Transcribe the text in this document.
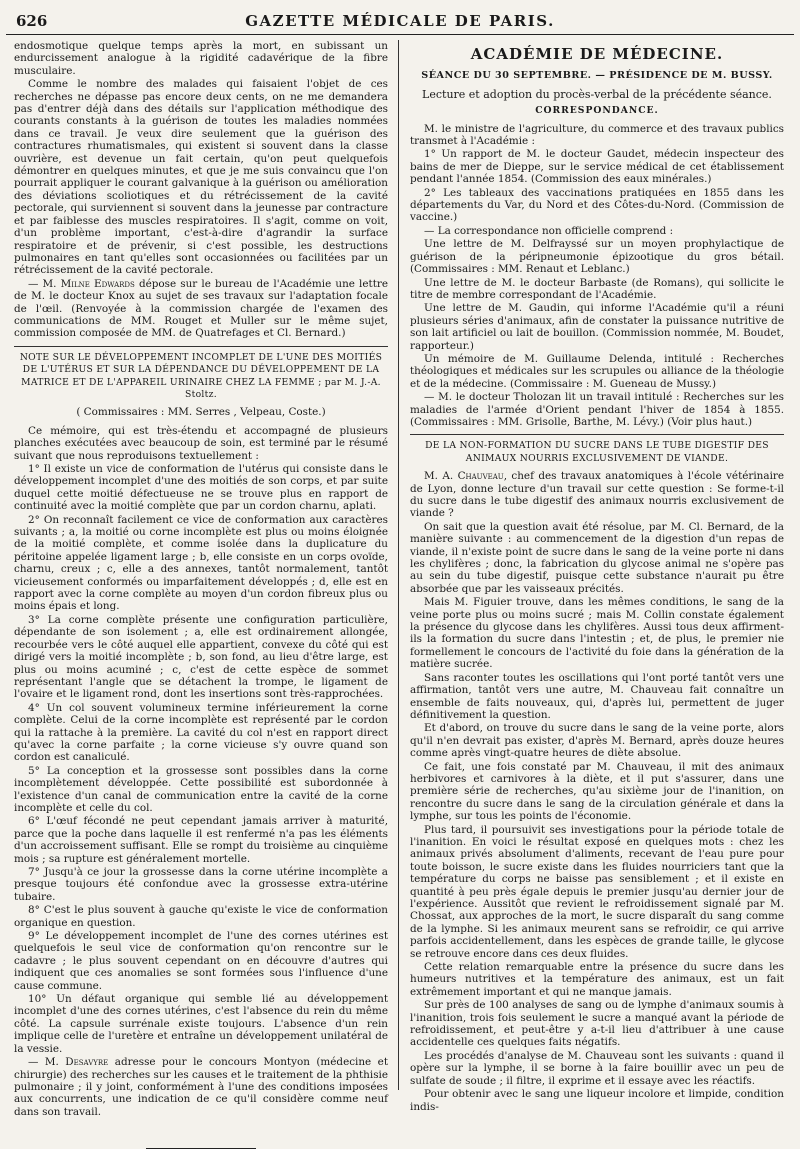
626	GAZETTE MÉDICALE DE PARIS.

endosmotique quelque temps après la mort, en subissant un endurcissement analogue à la rigidité cadavérique de la fibre musculaire.

Comme le nombre des malades qui faisaient l'objet de ces recherches ne dépasse pas encore deux cents, on ne me demandera pas d'entrer déjà dans des détails sur l'application méthodique des courants constants à la guérison de toutes les maladies nommées dans ce travail. Je veux dire seulement que la guérison des contractures rhumatismales, qui existent si souvent dans la classe ouvrière, est devenue un fait certain, qu'on peut quelquefois démontrer en quelques minutes, et que je me suis convaincu que l'on pourrait appliquer le courant galvanique à la guérison ou amélioration des déviations scoliotiques et du rétrécissement de la cavité pectorale, qui surviennent si souvent dans la jeunesse par contracture et par faiblesse des muscles respiratoires. Il s'agit, comme on voit, d'un problème important, c'est-à-dire d'agrandir la surface respiratoire et de prévenir, si c'est possible, les destructions pulmonaires en tant qu'elles sont occasionnées ou facilitées par un rétrécissement de la cavité pectorale.

— M. Milne Edwards dépose sur le bureau de l'Académie une lettre de M. le docteur Knox au sujet de ses travaux sur l'adaptation focale de l'œil. (Renvoyée à la commission chargée de l'examen des communications de MM. Rouget et Muller sur le même sujet, commission composée de MM. de Quatrefages et Cl. Bernard.)

NOTE SUR LE DÉVELOPPEMENT INCOMPLET DE L'UNE DES MOITIÉS DE L'UTÉRUS ET SUR LA DÉPENDANCE DU DÉVELOPPEMENT DE LA MATRICE ET DE L'APPAREIL URINAIRE CHEZ LA FEMME ; par M. J.-A. Stoltz.

( Commissaires : MM. Serres , Velpeau, Coste.)

Ce mémoire, qui est très-étendu et accompagné de plusieurs planches exécutées avec beaucoup de soin, est terminé par le résumé suivant que nous reproduisons textuellement :

1° Il existe un vice de conformation de l'utérus qui consiste dans le développement incomplet d'une des moitiés de son corps, et par suite duquel cette moitié défectueuse ne se trouve plus en rapport de continuité avec la moitié complète que par un cordon charnu, aplati.

2° On reconnaît facilement ce vice de conformation aux caractères suivants ; a, la moitié ou corne incomplète est plus ou moins éloignée de la moitié complète, et comme isolée dans la duplicature du péritoine appelée ligament large ; b, elle consiste en un corps ovoïde, charnu, creux ; c, elle a des annexes, tantôt normalement, tantôt vicieusement conformés ou imparfaitement développés ; d, elle est en rapport avec la corne complète au moyen d'un cordon fibreux plus ou moins épais et long.

3° La corne complète présente une configuration particulière, dépendante de son isolement ; a, elle est ordinairement allongée, recourbée vers le côté auquel elle appartient, convexe du côté qui est dirigé vers la moitié incomplète ; b, son fond, au lieu d'être large, est plus ou moins acuminé ; c, c'est de cette espèce de sommet représentant l'angle que se détachent la trompe, le ligament de l'ovaire et le ligament rond, dont les insertions sont très-rapprochées.

4° Un col souvent volumineux termine inférieurement la corne complète. Celui de la corne incomplète est représenté par le cordon qui la rattache à la première. La cavité du col n'est en rapport direct qu'avec la corne parfaite ; la corne vicieuse s'y ouvre quand son cordon est canaliculé.

5° La conception et la grossesse sont possibles dans la corne incomplètement développée. Cette possibilité est subordonnée à l'existence d'un canal de communication entre la cavité de la corne incomplète et celle du col.

6° L'œuf fécondé ne peut cependant jamais arriver à maturité, parce que la poche dans laquelle il est renfermé n'a pas les éléments d'un accroissement suffisant. Elle se rompt du troisième au cinquième mois ; sa rupture est généralement mortelle.

7° Jusqu'à ce jour la grossesse dans la corne utérine incomplète a presque toujours été confondue avec la grossesse extra-utérine tubaire.

8° C'est le plus souvent à gauche qu'existe le vice de conformation organique en question.

9° Le développement incomplet de l'une des cornes utérines est quelquefois le seul vice de conformation qu'on rencontre sur le cadavre ; le plus souvent cependant on en découvre d'autres qui indiquent que ces anomalies se sont formées sous l'influence d'une cause commune.

10° Un défaut organique qui semble lié au développement incomplet d'une des cornes utérines, c'est l'absence du rein du même côté. La capsule surrénale existe toujours. L'absence d'un rein implique celle de l'uretère et entraîne un développement unilatéral de la vessie.

— M. Desavyre adresse pour le concours Montyon (médecine et chirurgie) des recherches sur les causes et le traitement de la phthisie pulmonaire ; il y joint, conformément à l'une des conditions imposées aux concurrents, une indication de ce qu'il considère comme neuf dans son travail.

ACADÉMIE DE MÉDECINE.
SÉANCE DU 30 SEPTEMBRE. — PRÉSIDENCE DE M. BUSSY.
Lecture et adoption du procès-verbal de la précédente séance.
CORRESPONDANCE.

M. le ministre de l'agriculture, du commerce et des travaux publics transmet à l'Académie :

1° Un rapport de M. le docteur Gaudet, médecin inspecteur des bains de mer de Dieppe, sur le service médical de cet établissement pendant l'année 1854. (Commission des eaux minérales.)

2° Les tableaux des vaccinations pratiquées en 1855 dans les départements du Var, du Nord et des Côtes-du-Nord. (Commission de vaccine.)

— La correspondance non officielle comprend :

Une lettre de M. Delfrayssé sur un moyen prophylactique de guérison de la péripneumonie épizootique du gros bétail. (Commissaires : MM. Renaut et Leblanc.)

Une lettre de M. le docteur Barbaste (de Romans), qui sollicite le titre de membre correspondant de l'Académie.

Une lettre de M. Gaudin, qui informe l'Académie qu'il a réuni plusieurs séries d'animaux, afin de constater la puissance nutritive de son lait artificiel ou lait de bouillon. (Commission nommée, M. Boudet, rapporteur.)

Un mémoire de M. Guillaume Delenda, intitulé : Recherches théologiques et médicales sur les scrupules ou alliance de la théologie et de la médecine. (Commissaire : M. Gueneau de Mussy.)

— M. le docteur Tholozan lit un travail intitulé : Recherches sur les maladies de l'armée d'Orient pendant l'hiver de 1854 à 1855. (Commissaires : MM. Grisolle, Barthe, M. Lévy.) (Voir plus haut.)

DE LA NON-FORMATION DU SUCRE DANS LE TUBE DIGESTIF DES ANIMAUX NOURRIS EXCLUSIVEMENT DE VIANDE.

M. A. Chauveau, chef des travaux anatomiques à l'école vétérinaire de Lyon, donne lecture d'un travail sur cette question : Se forme-t-il du sucre dans le tube digestif des animaux nourris exclusivement de viande ?

On sait que la question avait été résolue, par M. Cl. Bernard, de la manière suivante : au commencement de la digestion d'un repas de viande, il n'existe point de sucre dans le sang de la veine porte ni dans les chylifères ; donc, la fabrication du glycose animal ne s'opère pas au sein du tube digestif, puisque cette substance n'aurait pu être absorbée que par les vaisseaux précités.

Mais M. Figuier trouve, dans les mêmes conditions, le sang de la veine porte plus ou moins sucré ; mais M. Collin constate également la présence du glycose dans les chylifères. Aussi tous deux affirment-ils la formation du sucre dans l'intestin ; et, de plus, le premier nie formellement le concours de l'activité du foie dans la génération de la matière sucrée.

Sans raconter toutes les oscillations qui l'ont porté tantôt vers une affirmation, tantôt vers une autre, M. Chauveau fait connaître un ensemble de faits nouveaux, qui, d'après lui, permettent de juger définitivement la question.

Et d'abord, on trouve du sucre dans le sang de la veine porte, alors qu'il n'en devrait pas exister, d'après M. Bernard, après douze heures comme après vingt-quatre heures de diète absolue.

Ce fait, une fois constaté par M. Chauveau, il mit des animaux herbivores et carnivores à la diète, et il put s'assurer, dans une première série de recherches, qu'au sixième jour de l'inanition, on rencontre du sucre dans le sang de la circulation générale et dans la lymphe, sur tous les points de l'économie.

Plus tard, il poursuivit ses investigations pour la période totale de l'inanition. En voici le résultat exposé en quelques mots : chez les animaux privés absolument d'aliments, recevant de l'eau pure pour toute boisson, le sucre existe dans les fluides nourriciers tant que la température du corps ne baisse pas sensiblement ; et il existe en quantité à peu près égale depuis le premier jusqu'au dernier jour de l'expérience. Aussitôt que revient le refroidissement signalé par M. Chossat, aux approches de la mort, le sucre disparaît du sang comme de la lymphe. Si les animaux meurent sans se refroidir, ce qui arrive parfois accidentellement, dans les espèces de grande taille, le glycose se retrouve encore dans ces deux fluides.

Cette relation remarquable entre la présence du sucre dans les humeurs nutritives et la température des animaux, est un fait extrêmement important et qui ne manque jamais.

Sur près de 100 analyses de sang ou de lymphe d'animaux soumis à l'inanition, trois fois seulement le sucre a manqué avant la période de refroidissement, et peut-être y a-t-il lieu d'attribuer à une cause accidentelle ces quelques faits négatifs.

Les procédés d'analyse de M. Chauveau sont les suivants : quand il opère sur la lymphe, il se borne à la faire bouillir avec un peu de sulfate de soude ; il filtre, il exprime et il essaye avec les réactifs.

Pour obtenir avec le sang une liqueur incolore et limpide, condition indis-
